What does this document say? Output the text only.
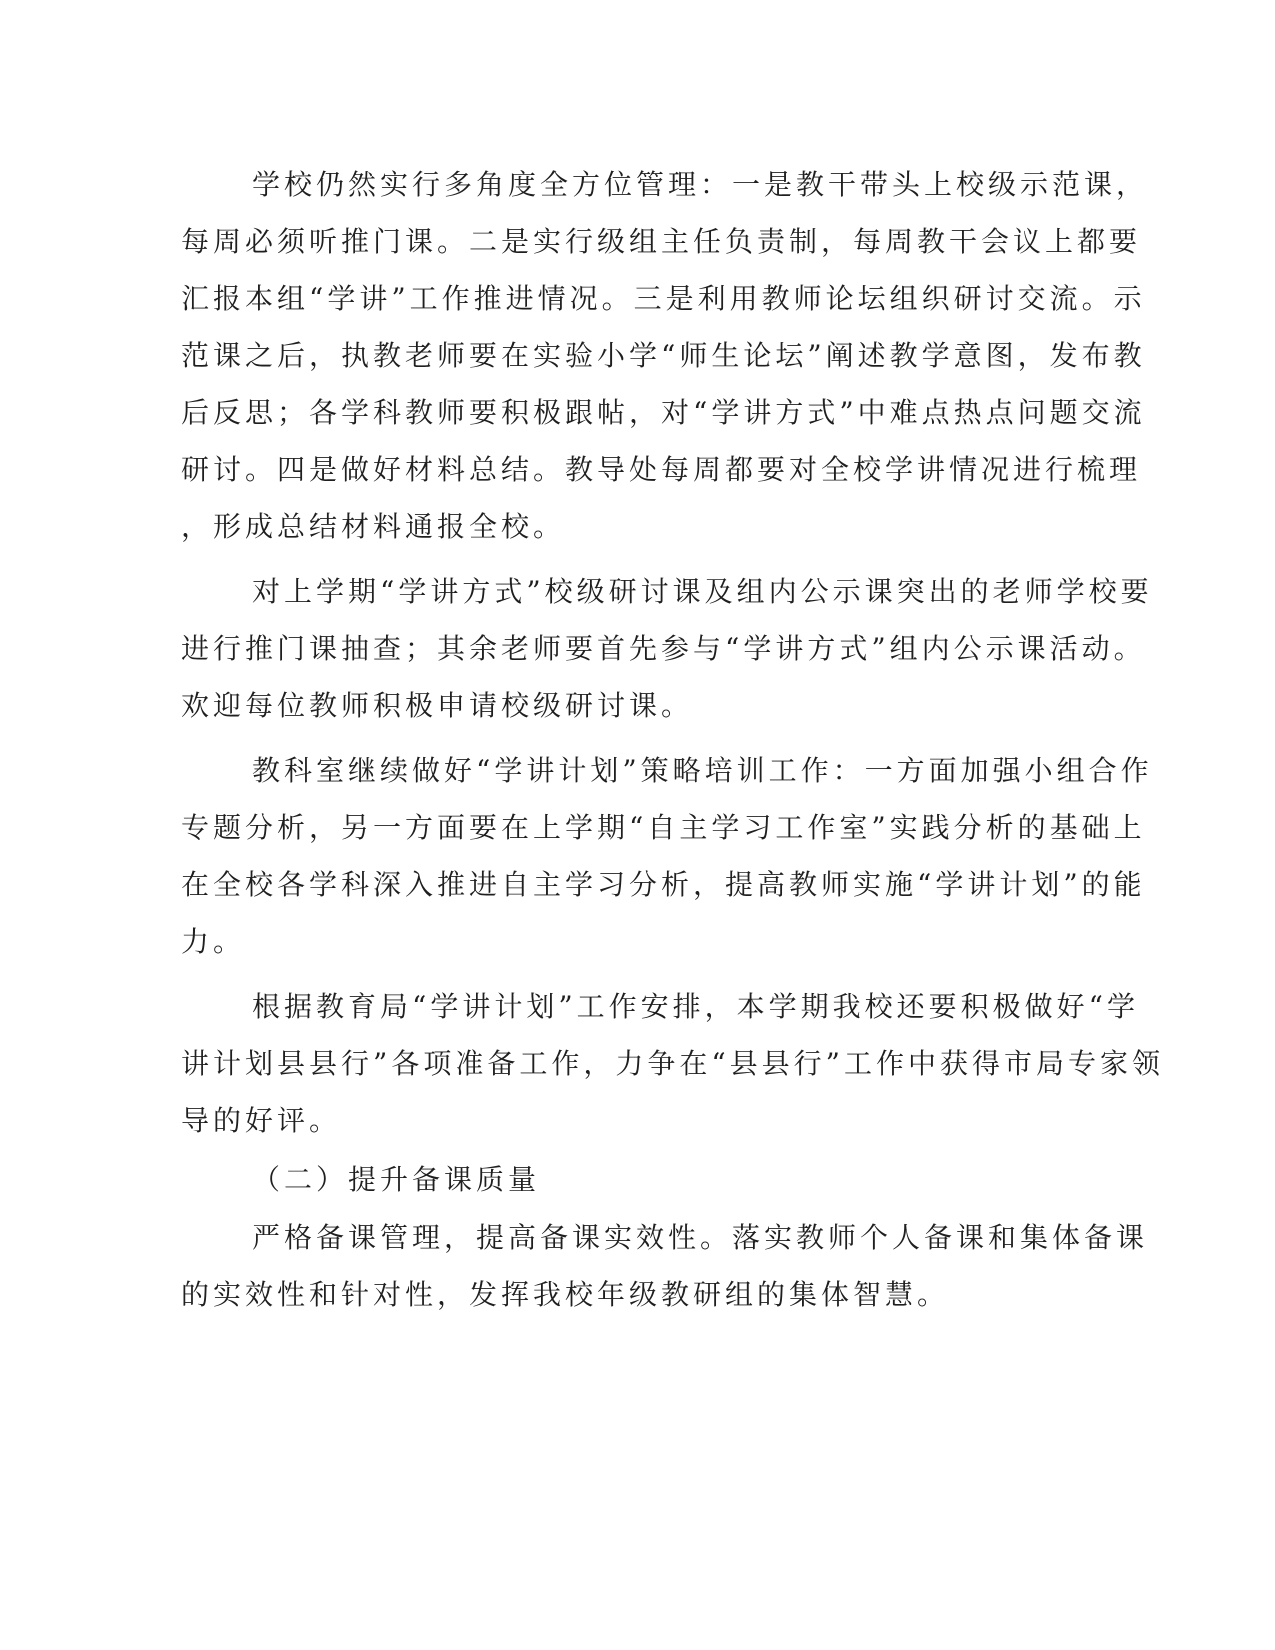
学校仍然实行多角度全方位管理：一是教干带头上校级示范课，
每周必须听推门课。二是实行级组主任负责制，每周教干会议上都要
汇报本组“学讲”工作推进情况。三是利用教师论坛组织研讨交流。示
范课之后，执教老师要在实验小学“师生论坛”阐述教学意图，发布教
后反思；各学科教师要积极跟帖，对“学讲方式”中难点热点问题交流
研讨。四是做好材料总结。教导处每周都要对全校学讲情况进行梳理
，形成总结材料通报全校。
对上学期“学讲方式”校级研讨课及组内公示课突出的老师学校要
进行推门课抽查；其余老师要首先参与“学讲方式”组内公示课活动。
欢迎每位教师积极申请校级研讨课。
教科室继续做好“学讲计划”策略培训工作：一方面加强小组合作
专题分析，另一方面要在上学期“自主学习工作室”实践分析的基础上
在全校各学科深入推进自主学习分析，提高教师实施“学讲计划”的能
力。
根据教育局“学讲计划”工作安排，本学期我校还要积极做好“学
讲计划县县行”各项准备工作，力争在“县县行”工作中获得市局专家领
导的好评。
（二）提升备课质量
严格备课管理，提高备课实效性。落实教师个人备课和集体备课
的实效性和针对性，发挥我校年级教研组的集体智慧。
